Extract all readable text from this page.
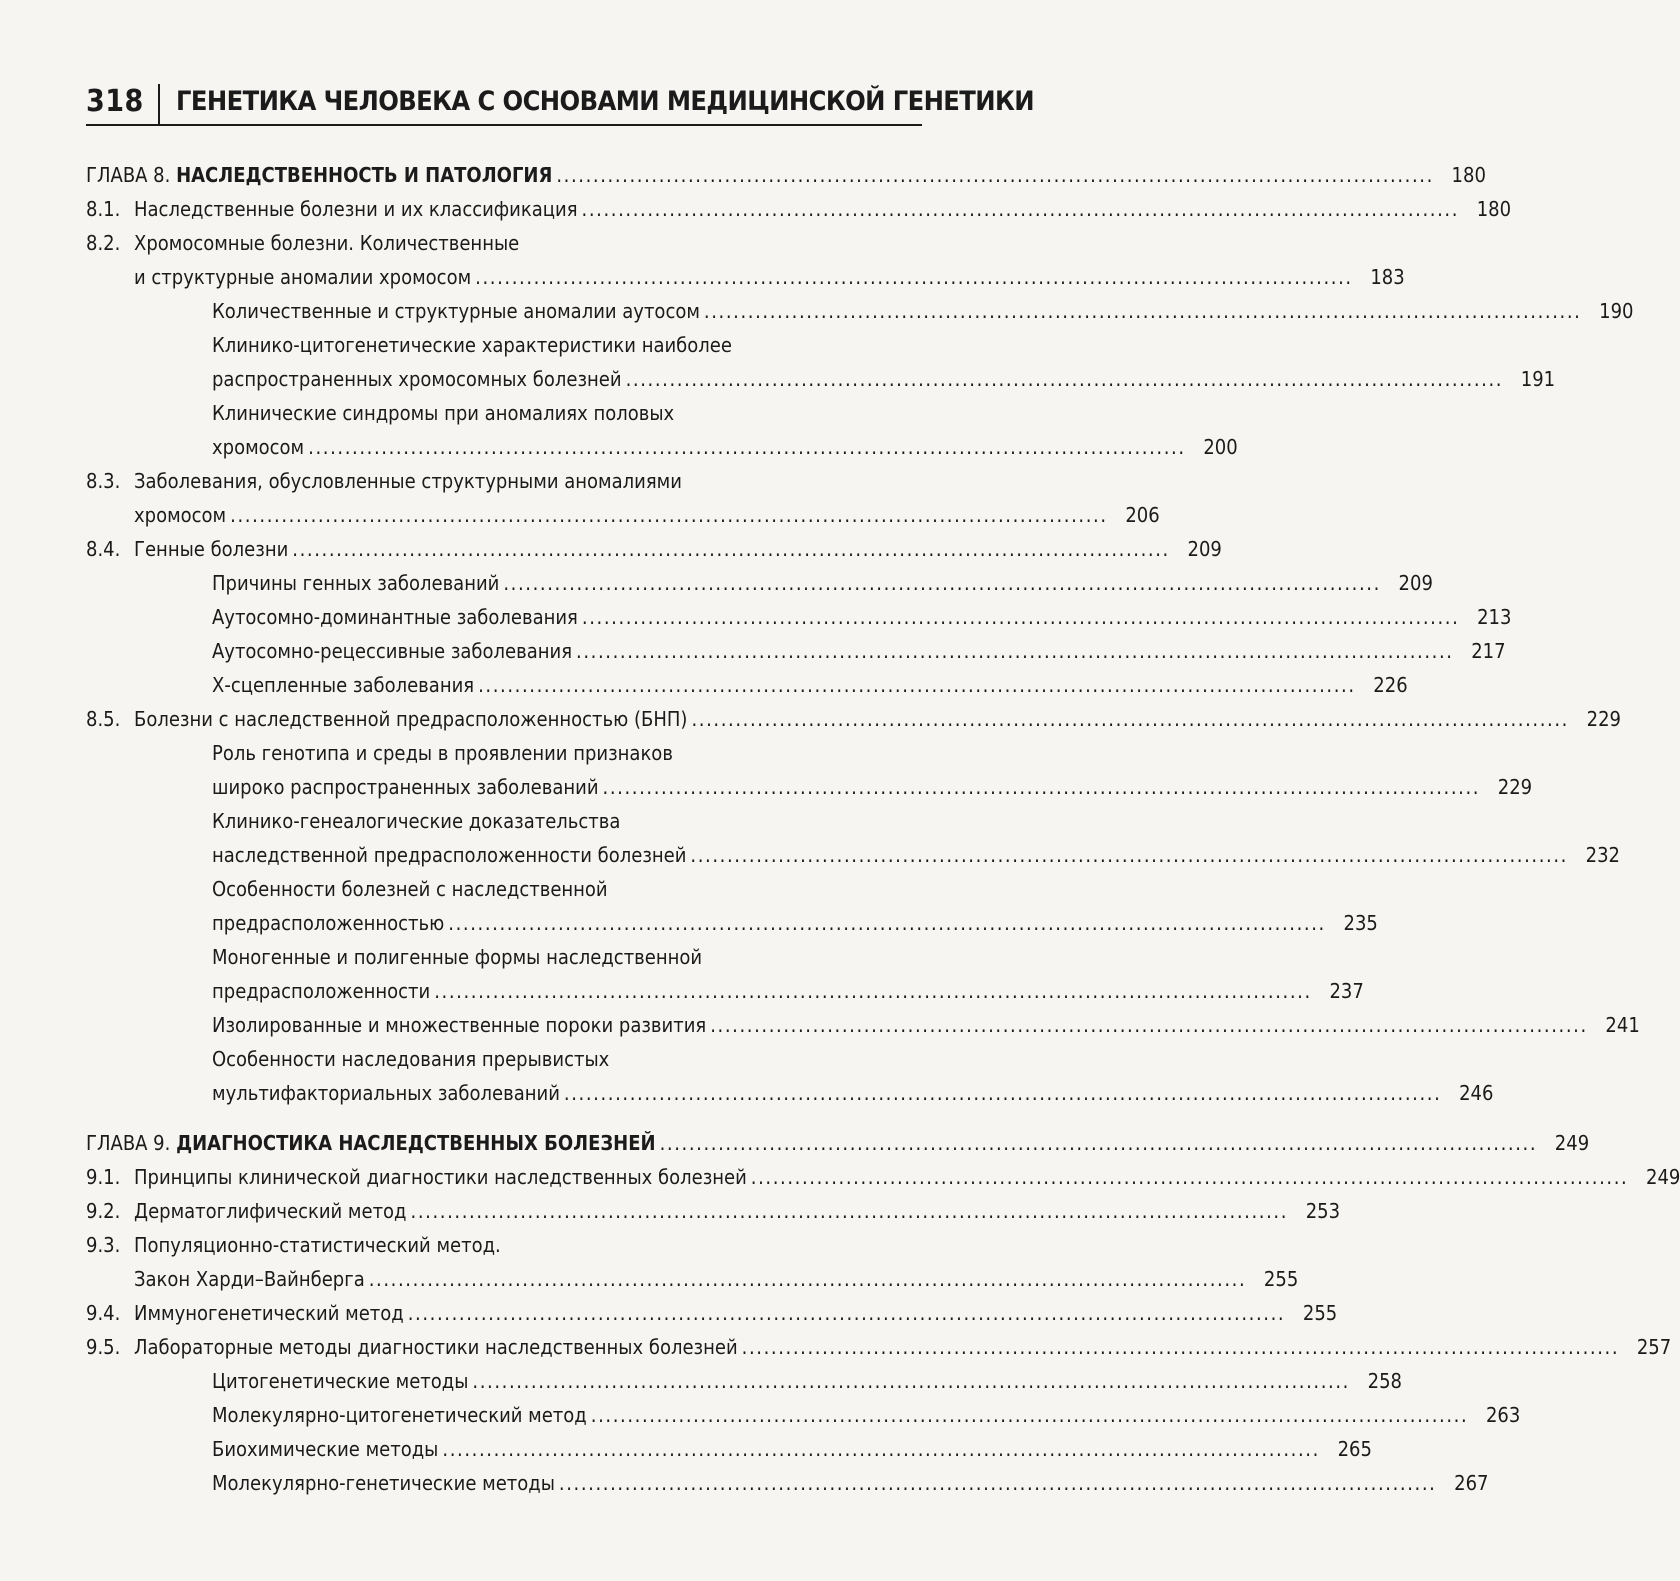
318 ГЕНЕТИКА ЧЕЛОВЕКА С ОСНОВАМИ МЕДИЦИНСКОЙ ГЕНЕТИКИ
ГЛАВА 8. НАСЛЕДСТВЕННОСТЬ И ПАТОЛОГИЯ ........................................................................................................................ 180
8.1. Наследственные болезни и их классификация ........................................................................................................................ 180
8.2. Хромосомные болезни. Количественные
и структурные аномалии хромосом ........................................................................................................................ 183
Количественные и структурные аномалии аутосом ........................................................................................................................ 190
Клинико-цитогенетические характеристики наиболее
распространенных хромосомных болезней ........................................................................................................................ 191
Клинические синдромы при аномалиях половых
хромосом ........................................................................................................................ 200
8.3. Заболевания, обусловленные структурными аномалиями
хромосом ........................................................................................................................ 206
8.4. Генные болезни ........................................................................................................................ 209
Причины генных заболеваний ........................................................................................................................ 209
Аутосомно-доминантные заболевания ........................................................................................................................ 213
Аутосомно-рецессивные заболевания ........................................................................................................................ 217
Х-сцепленные заболевания ........................................................................................................................ 226
8.5. Болезни с наследственной предрасположенностью (БНП) ........................................................................................................................ 229
Роль генотипа и среды в проявлении признаков
широко распространенных заболеваний ........................................................................................................................ 229
Клинико-генеалогические доказательства
наследственной предрасположенности болезней ........................................................................................................................ 232
Особенности болезней с наследственной
предрасположенностью ........................................................................................................................ 235
Моногенные и полигенные формы наследственной
предрасположенности ........................................................................................................................ 237
Изолированные и множественные пороки развития ........................................................................................................................ 241
Особенности наследования прерывистых
мультифакториальных заболеваний ........................................................................................................................ 246
ГЛАВА 9. ДИАГНОСТИКА НАСЛЕДСТВЕННЫХ БОЛЕЗНЕЙ ........................................................................................................................ 249
9.1. Принципы клинической диагностики наследственных болезней ........................................................................................................................ 249
9.2. Дерматоглифический метод ........................................................................................................................ 253
9.3. Популяционно-статистический метод.
Закон Харди–Вайнберга ........................................................................................................................ 255
9.4. Иммуногенетический метод ........................................................................................................................ 255
9.5. Лабораторные методы диагностики наследственных болезней ........................................................................................................................ 257
Цитогенетические методы ........................................................................................................................ 258
Молекулярно-цитогенетический метод ........................................................................................................................ 263
Биохимические методы ........................................................................................................................ 265
Молекулярно-генетические методы ........................................................................................................................ 267
